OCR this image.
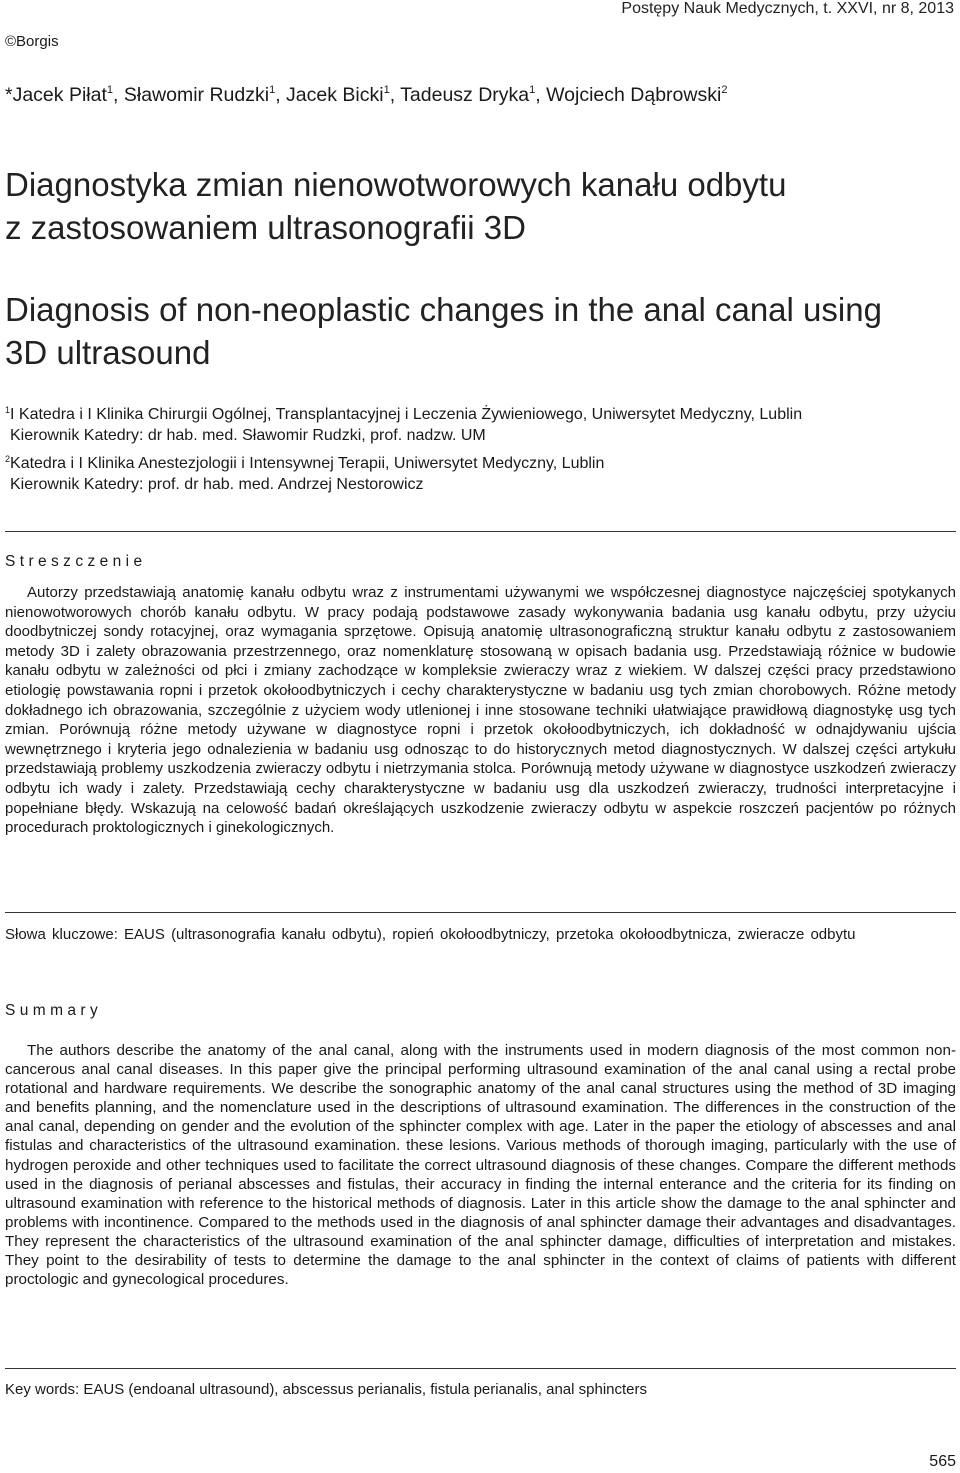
Postępy Nauk Medycznych, t. XXVI, nr 8, 2013
©Borgis
*Jacek Piłat$^1$, Sławomir Rudzki$^1$, Jacek Bicki$^1$, Tadeusz Dryka$^1$, Wojciech Dąbrowski$^2$
Diagnostyka zmian nienowotworowych kanału odbytu
z zastosowaniem ultrasonografii 3D
Diagnosis of non-neoplastic changes in the anal canal using
3D ultrasound
$^1$I Katedra i I Klinika Chirurgii Ogólnej, Transplantacyjnej i Leczenia Żywieniowego, Uniwersytet Medyczny, Lublin
Kierownik Katedry: dr hab. med. Sławomir Rudzki, prof. nadzw. UM
$^2$Katedra i I Klinika Anestezjologii i Intensywnej Terapii, Uniwersytet Medyczny, Lublin
Kierownik Katedry: prof. dr hab. med. Andrzej Nestorowicz
Streszczenie
Autorzy przedstawiają anatomię kanału odbytu wraz z instrumentami używanymi we współczesnej diagnostyce najczęściej spotykanych nienowotworowych chorób kanału odbytu. W pracy podają podstawowe zasady wykonywania badania usg kanału odbytu, przy użyciu doodbytniczej sondy rotacyjnej, oraz wymagania sprzętowe. Opisują anatomię ultrasonograficzną struktur kanału odbytu z zastosowaniem metody 3D i zalety obrazowania przestrzennego, oraz nomenklaturę stosowaną w opisach badania usg. Przedstawiają różnice w budowie kanału odbytu w zależności od płci i zmiany zachodzące w kompleksie zwieraczy wraz z wiekiem. W dalszej części pracy przedstawiono etiologię powstawania ropni i przetok okołoodbytniczych i cechy charakterystyczne w badaniu usg tych zmian chorobowych. Różne metody dokładnego ich obrazowania, szczególnie z użyciem wody utlenionej i inne stosowane techniki ułatwiające prawidłową diagnostykę usg tych zmian. Porównują różne metody używane w diagnostyce ropni i przetok okołoodbytniczych, ich dokładność w odnajdywaniu ujścia wewnętrznego i kryteria jego odnalezienia w badaniu usg odnosząc to do historycznych metod diagnostycznych. W dalszej części artykułu przedstawiają problemy uszkodzenia zwieraczy odbytu i nietrzymania stolca. Porównują metody używane w diagnostyce uszkodzeń zwieraczy odbytu ich wady i zalety. Przedstawiają cechy charakterystyczne w badaniu usg dla uszkodzeń zwieraczy, trudności interpretacyjne i popełniane błędy. Wskazują na celowość badań określających uszkodzenie zwieraczy odbytu w aspekcie roszczeń pacjentów po różnych procedurach proktologicznych i ginekologicznych.
Słowa kluczowe: EAUS (ultrasonografia kanału odbytu), ropień okołoodbytniczy, przetoka okołoodbytnicza, zwieracze odbytu
Summary
The authors describe the anatomy of the anal canal, along with the instruments used in modern diagnosis of the most common non-cancerous anal canal diseases. In this paper give the principal performing ultrasound examination of the anal canal using a rectal probe rotational and hardware requirements. We describe the sonographic anatomy of the anal canal structures using the method of 3D imaging and benefits planning, and the nomenclature used in the descriptions of ultrasound examination. The differences in the construction of the anal canal, depending on gender and the evolution of the sphincter complex with age. Later in the paper the etiology of abscesses and anal fistulas and characteristics of the ultrasound examination. these lesions. Various methods of thorough imaging, particularly with the use of hydrogen peroxide and other techniques used to facilitate the correct ultrasound diagnosis of these changes. Compare the different methods used in the diagnosis of perianal abscesses and fistulas, their accuracy in finding the internal enterance and the criteria for its finding on ultrasound examination with reference to the historical methods of diagnosis. Later in this article show the damage to the anal sphincter and problems with incontinence. Compared to the methods used in the diagnosis of anal sphincter damage their advantages and disadvantages. They represent the characteristics of the ultrasound examination of the anal sphincter damage, difficulties of interpretation and mistakes. They point to the desirability of tests to determine the damage to the anal sphincter in the context of claims of patients with different proctologic and gynecological procedures.
Key words: EAUS (endoanal ultrasound), abscessus perianalis, fistula perianalis, anal sphincters
565
